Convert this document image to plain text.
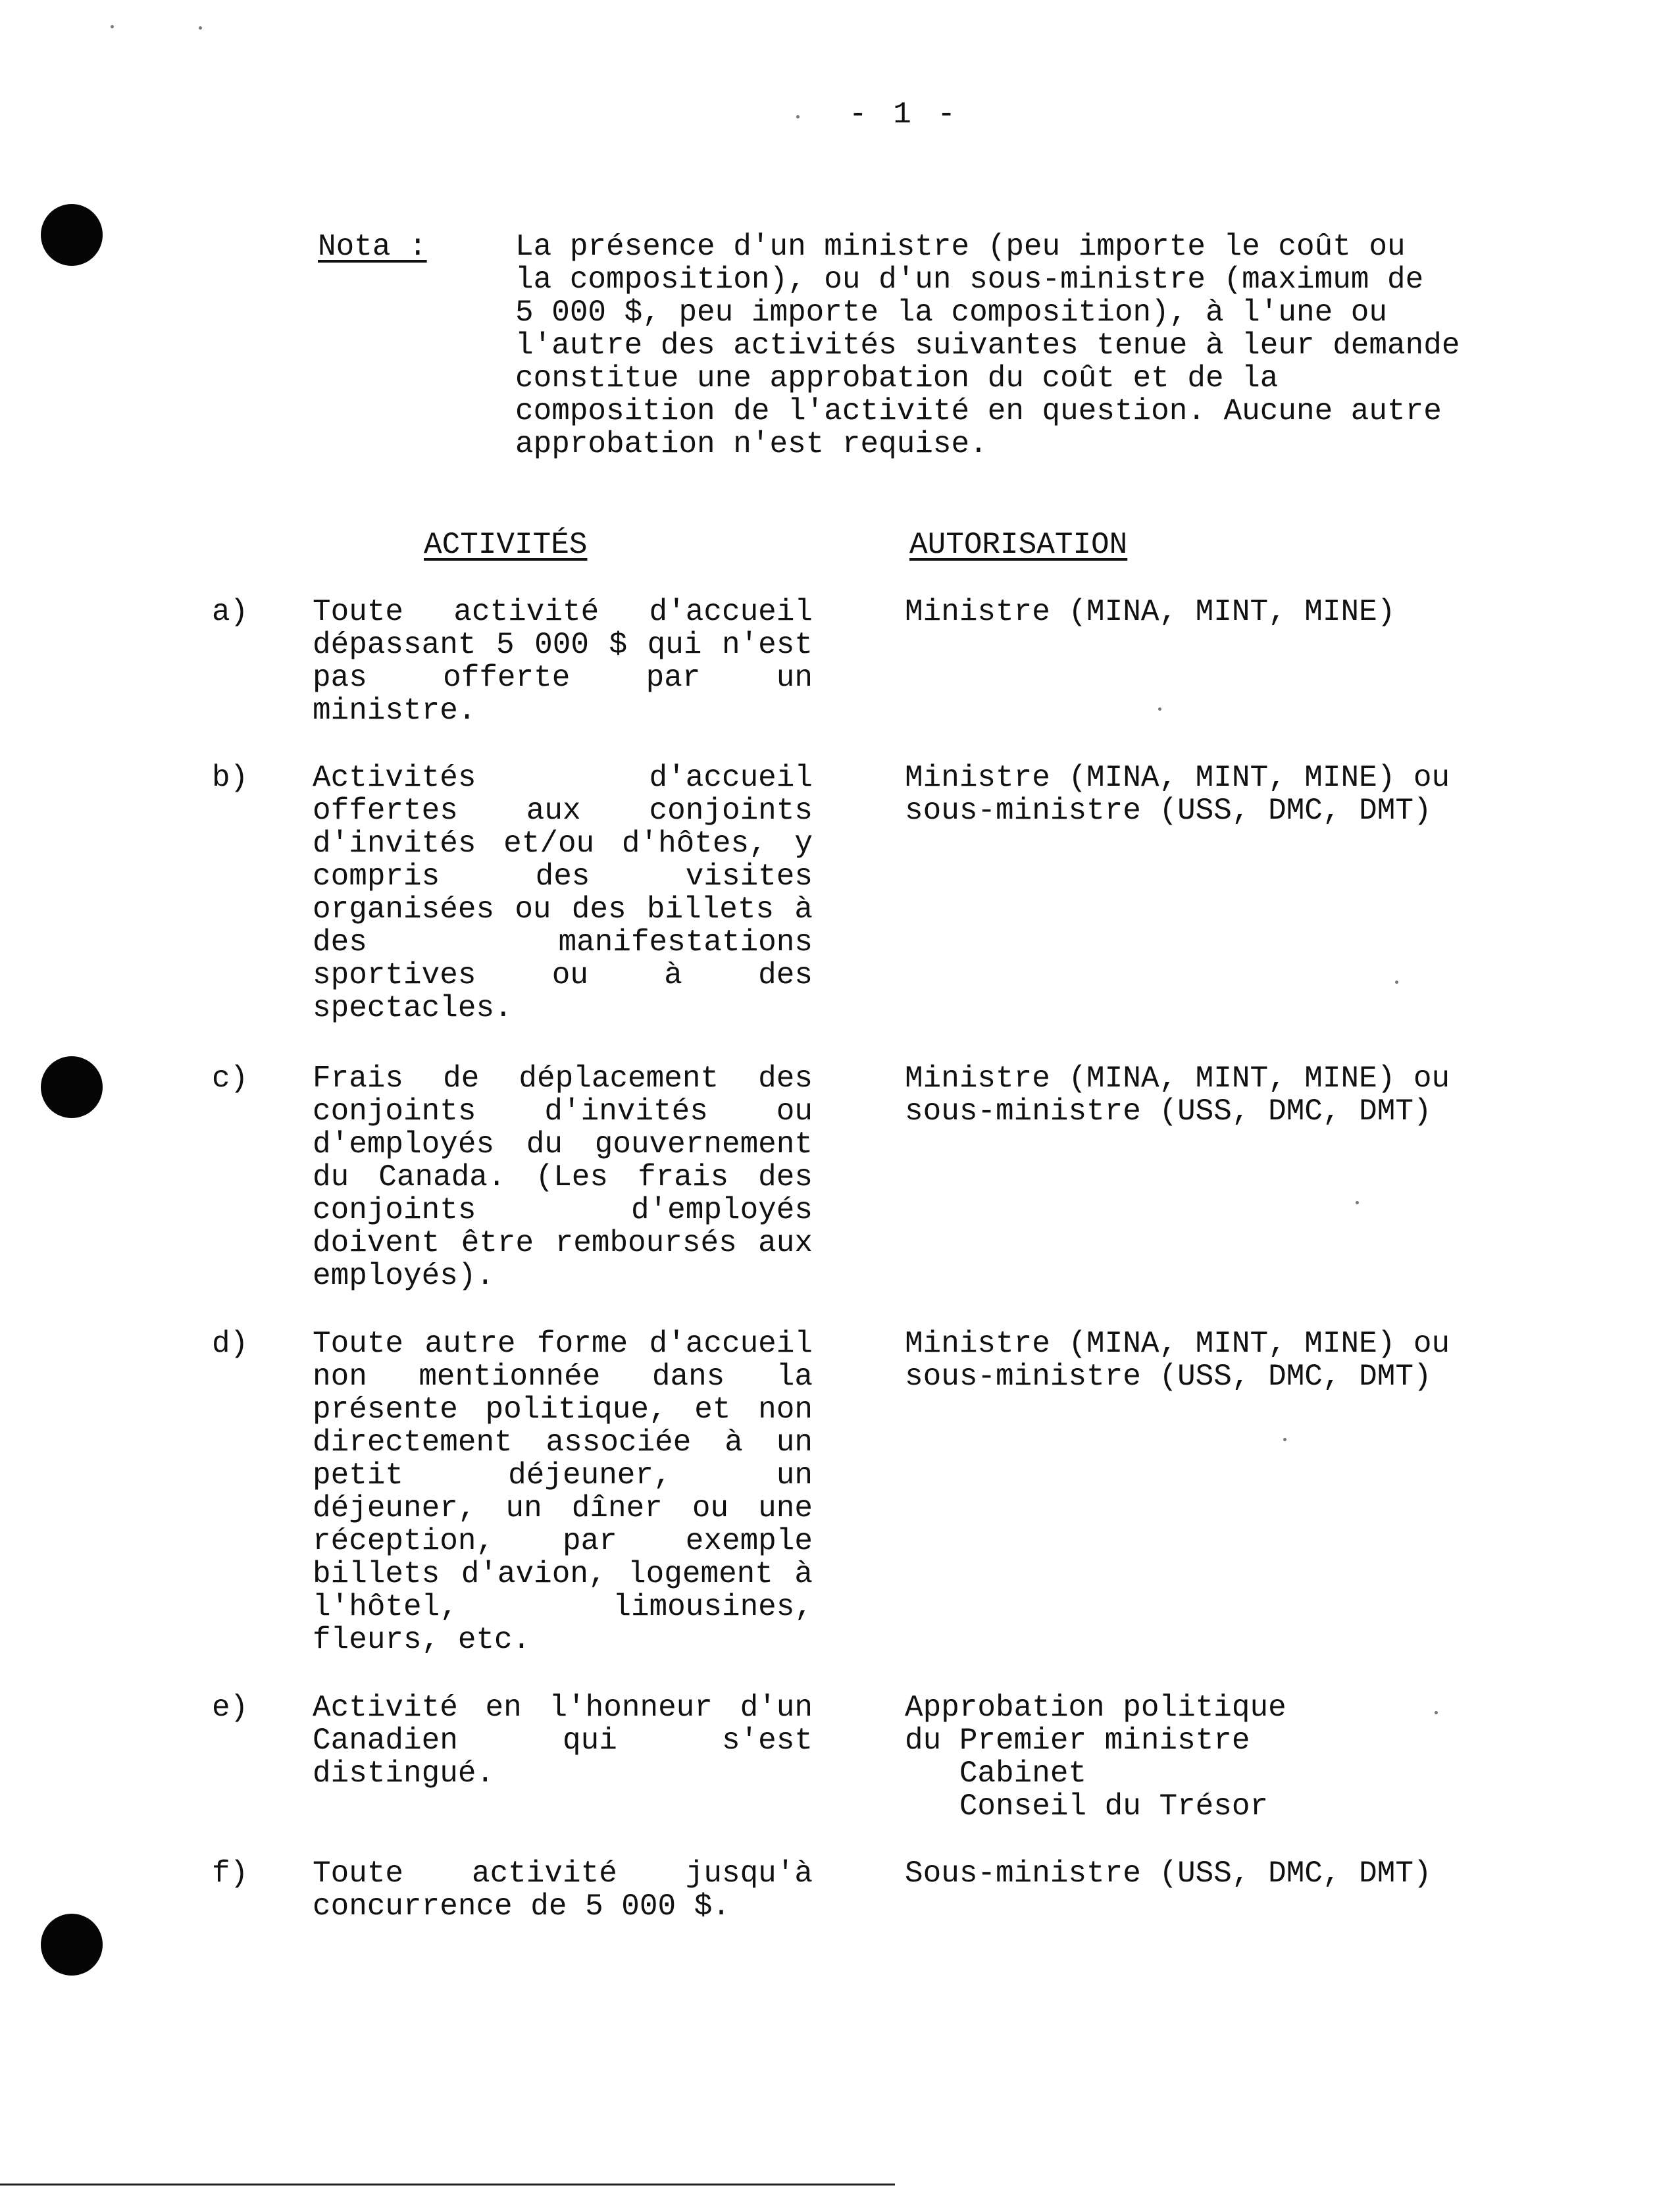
- 1 -
Nota :	La présence d'un ministre (peu importe le coût ou
la composition), ou d'un sous-ministre (maximum de
5 000 $, peu importe la composition), à l'une ou
l'autre des activités suivantes tenue à leur demande
constitue une approbation du coût et de la
composition de l'activité en question. Aucune autre
approbation n'est requise.
ACTIVITÉS	AUTORISATION
a) Toute activité d'accueil dépassant 5 000 $ qui n'est pas offerte par un ministre.
Ministre (MINA, MINT, MINE)
b) Activités d'accueil offertes aux conjoints d'invités et/ou d'hôtes, y compris des visites organisées ou des billets à des manifestations sportives ou à des spectacles.
Ministre (MINA, MINT, MINE) ou
sous-ministre (USS, DMC, DMT)
c) Frais de déplacement des conjoints d'invités ou d'employés du gouvernement du Canada. (Les frais des conjoints d'employés doivent être remboursés aux employés).
Ministre (MINA, MINT, MINE) ou
sous-ministre (USS, DMC, DMT)
d) Toute autre forme d'accueil non mentionnée dans la présente politique, et non directement associée à un petit déjeuner, un déjeuner, un dîner ou une réception, par exemple billets d'avion, logement à l'hôtel, limousines, fleurs, etc.
Ministre (MINA, MINT, MINE) ou
sous-ministre (USS, DMC, DMT)
e) Activité en l'honneur d'un Canadien qui s'est distingué.
Approbation politique
du Premier ministre
Cabinet
Conseil du Trésor
f) Toute activité jusqu'à concurrence de 5 000 $.
Sous-ministre (USS, DMC, DMT)
